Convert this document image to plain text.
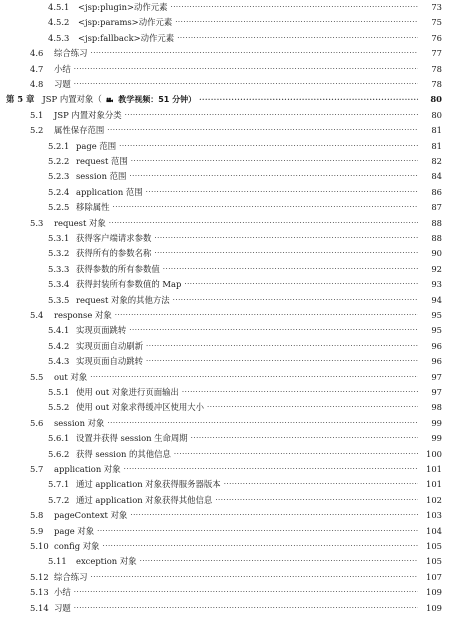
4.5.1	<jsp:plugin>动作元素 ·····	73
4.5.2	<jsp:params>动作元素 ·····	75
4.5.3	<jsp:fallback>动作元素 ·····	76
4.6	综合练习 ·····	77
4.7	小结 ·····	78
4.8	习题 ·····	78
第 5 章 JSP 内置对象（ 教学视频：51 分钟） ·····	80
5.1	JSP 内置对象分类 ·····	80
5.2	属性保存范围 ·····	81
5.2.1 page 范围 ·····	81
5.2.2 request 范围 ·····	82
5.2.3 session 范围 ·····	84
5.2.4 application 范围 ·····	86
5.2.5 移除属性 ·····	87
5.3	request 对象 ·····	88
5.3.1 获得客户端请求参数 ·····	88
5.3.2 获得所有的参数名称 ·····	90
5.3.3 获得参数的所有参数值 ·····	92
5.3.4 获得封装所有参数值的 Map ·····	93
5.3.5 request 对象的其他方法 ·····	94
5.4	response 对象 ·····	95
5.4.1 实现页面跳转 ·····	95
5.4.2 实现页面自动刷新 ·····	96
5.4.3 实现页面自动跳转 ·····	96
5.5	out 对象 ·····	97
5.5.1 使用 out 对象进行页面输出 ·····	97
5.5.2 使用 out 对象求得缓冲区使用大小 ·····	98
5.6	session 对象 ·····	99
5.6.1 设置并获得 session 生命周期 ·····	99
5.6.2 获得 session 的其他信息 ·····	100
5.7	application 对象 ·····	101
5.7.1 通过 application 对象获得服务器版本 ·····	101
5.7.2 通过 application 对象获得其他信息 ·····	102
5.8	pageContext 对象 ·····	103
5.9	page 对象 ·····	104
5.10 config 对象 ·····	105
5.11	exception 对象 ·····	105
5.12 综合练习 ·····	107
5.13 小结 ·····	109
5.14 习题 ·····	109
